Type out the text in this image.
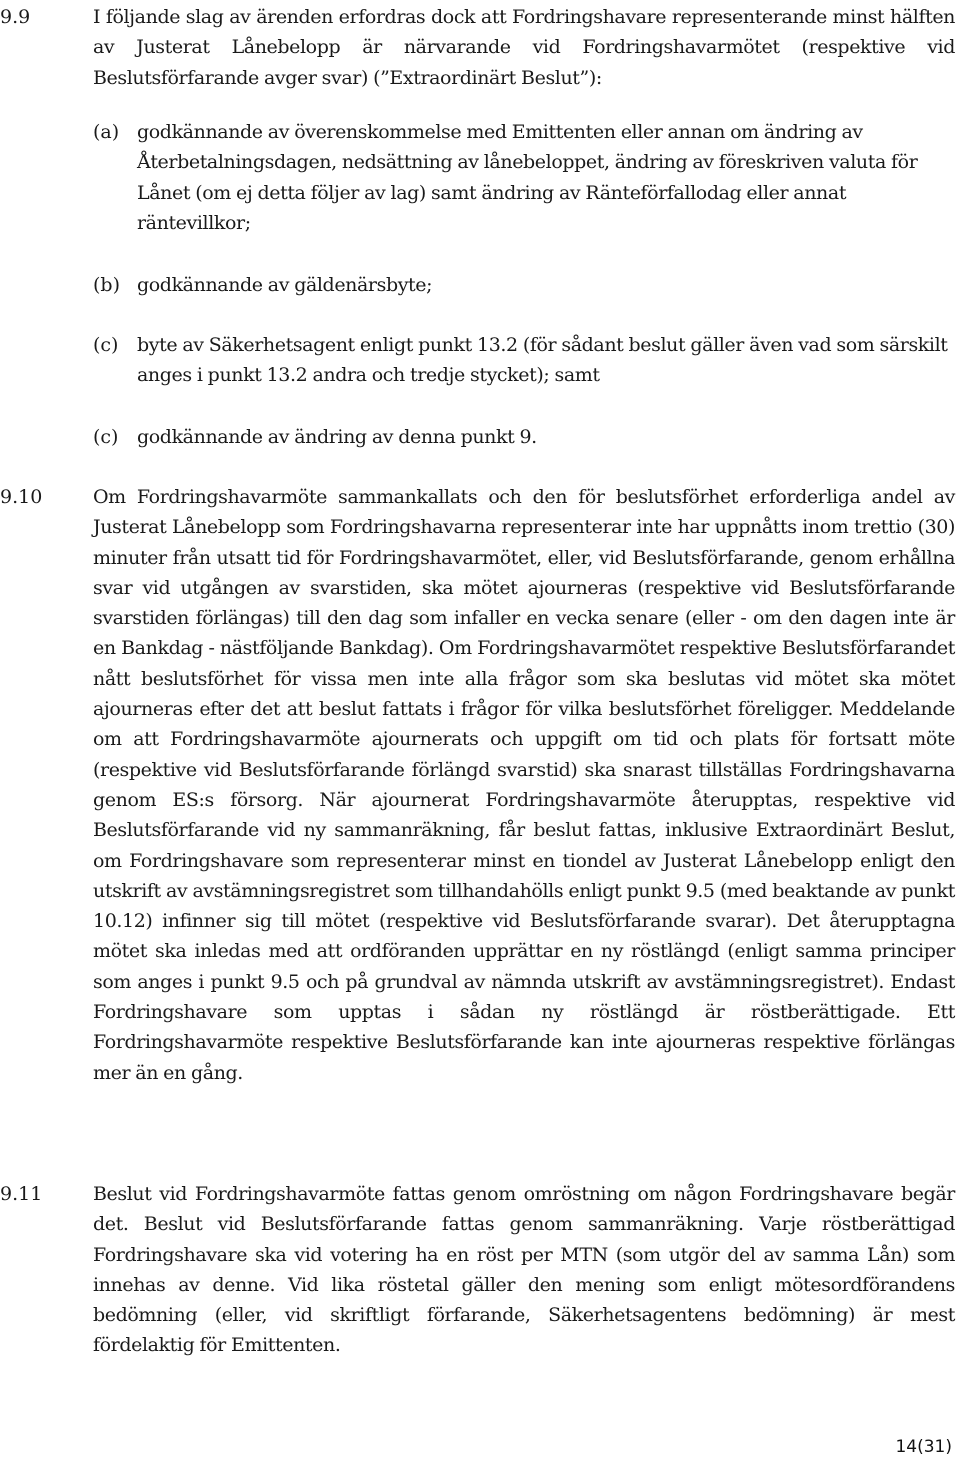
9.9	I följande slag av ärenden erfordras dock att Fordringshavare representerande minst hälften av Justerat Lånebelopp är närvarande vid Fordringshavarmötet (respektive vid Beslutsförfarande avger svar) (”Extraordinärt Beslut”):
(a) godkännande av överenskommelse med Emittenten eller annan om ändring av Återbetalningsdagen, nedsättning av lånebeloppet, ändring av föreskriven valuta för Lånet (om ej detta följer av lag) samt ändring av Ränteförfallodag eller annat räntevillkor;
(b) godkännande av gäldenärsbyte;
(c) byte av Säkerhetsagent enligt punkt 13.2 (för sådant beslut gäller även vad som särskilt anges i punkt 13.2 andra och tredje stycket); samt
(c) godkännande av ändring av denna punkt 9.
9.10	Om Fordringshavarmöte sammankallats och den för beslutsförhet erforderliga andel av Justerat Lånebelopp som Fordringshavarna representerar inte har uppnåtts inom trettio (30) minuter från utsatt tid för Fordringshavarmötet, eller, vid Beslutsförfarande, genom erhållna svar vid utgången av svarstiden, ska mötet ajourneras (respektive vid Beslutsförfarande svarstiden förlängas) till den dag som infaller en vecka senare (eller - om den dagen inte är en Bankdag - nästföljande Bankdag). Om Fordringshavarmötet respektive Beslutsförfarandet nått beslutsförhet för vissa men inte alla frågor som ska beslutas vid mötet ska mötet ajourneras efter det att beslut fattats i frågor för vilka beslutsförhet föreligger. Meddelande om att Fordringshavarmöte ajournerats och uppgift om tid och plats för fortsatt möte (respektive vid Beslutsförfarande förlängd svarstid) ska snarast tillställas Fordringshavarna genom ES:s försorg. När ajournerat Fordringshavarmöte återupptas, respektive vid Beslutsförfarande vid ny sammanräkning, får beslut fattas, inklusive Extraordinärt Beslut, om Fordringshavare som representerar minst en tiondel av Justerat Lånebelopp enligt den utskrift av avstämningsregistret som tillhandahölls enligt punkt 9.5 (med beaktande av punkt 10.12) infinner sig till mötet (respektive vid Beslutsförfarande svarar). Det återupptagna mötet ska inledas med att ordföranden upprättar en ny röstlängd (enligt samma principer som anges i punkt 9.5 och på grundval av nämnda utskrift av avstämningsregistret). Endast Fordringshavare som upptas i sådan ny röstlängd är röstberättigade. Ett Fordringshavarmöte respektive Beslutsförfarande kan inte ajourneras respektive förlängas mer än en gång.
9.11	Beslut vid Fordringshavarmöte fattas genom omröstning om någon Fordringshavare begär det. Beslut vid Beslutsförfarande fattas genom sammanräkning. Varje röstberättigad Fordringshavare ska vid votering ha en röst per MTN (som utgör del av samma Lån) som innehas av denne. Vid lika röstetal gäller den mening som enligt mötesordförandens bedömning (eller, vid skriftligt förfarande, Säkerhetsagentens bedömning) är mest fördelaktig för Emittenten.
14(31)
